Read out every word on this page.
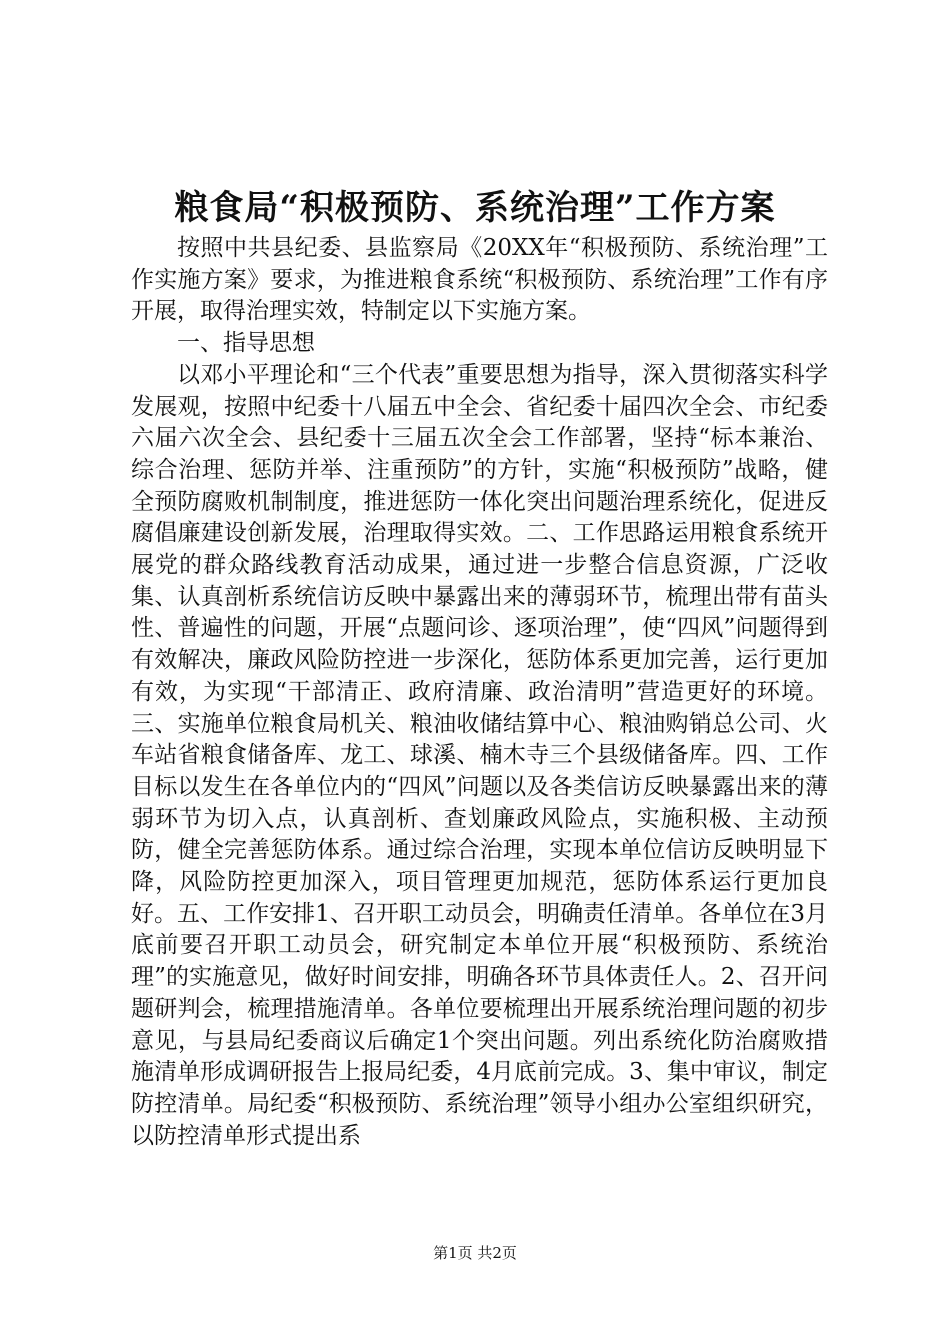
粮食局“积极预防、系统治理”工作方案

按照中共县纪委、县监察局《20XX年“积极预防、系统治理”工作实施方案》要求，为推进粮食系统“积极预防、系统治理”工作有序开展，取得治理实效，特制定以下实施方案。

一、指导思想

以邓小平理论和“三个代表”重要思想为指导，深入贯彻落实科学发展观，按照中纪委十八届五中全会、省纪委十届四次全会、市纪委六届六次全会、县纪委十三届五次全会工作部署，坚持“标本兼治、综合治理、惩防并举、注重预防”的方针，实施“积极预防”战略，健全预防腐败机制制度，推进惩防一体化突出问题治理系统化，促进反腐倡廉建设创新发展，治理取得实效。二、工作思路运用粮食系统开展党的群众路线教育活动成果，通过进一步整合信息资源，广泛收集、认真剖析系统信访反映中暴露出来的薄弱环节，梳理出带有苗头性、普遍性的问题，开展“点题问诊、逐项治理”，使“四风”问题得到有效解决，廉政风险防控进一步深化，惩防体系更加完善，运行更加有效，为实现“干部清正、政府清廉、政治清明”营造更好的环境。三、实施单位粮食局机关、粮油收储结算中心、粮油购销总公司、火车站省粮食储备库、龙工、球溪、楠木寺三个县级储备库。四、工作目标以发生在各单位内的“四风”问题以及各类信访反映暴露出来的薄弱环节为切入点，认真剖析、查划廉政风险点，实施积极、主动预防，健全完善惩防体系。通过综合治理，实现本单位信访反映明显下降，风险防控更加深入，项目管理更加规范，惩防体系运行更加良好。五、工作安排1、召开职工动员会，明确责任清单。各单位在3月底前要召开职工动员会，研究制定本单位开展“积极预防、系统治理”的实施意见，做好时间安排，明确各环节具体责任人。2、召开问题研判会，梳理措施清单。各单位要梳理出开展系统治理问题的初步意见，与县局纪委商议后确定1个突出问题。列出系统化防治腐败措施清单形成调研报告上报局纪委，4月底前完成。3、集中审议，制定防控清单。局纪委“积极预防、系统治理”领导小组办公室组织研究，以防控清单形式提出系

第1页 共2页
